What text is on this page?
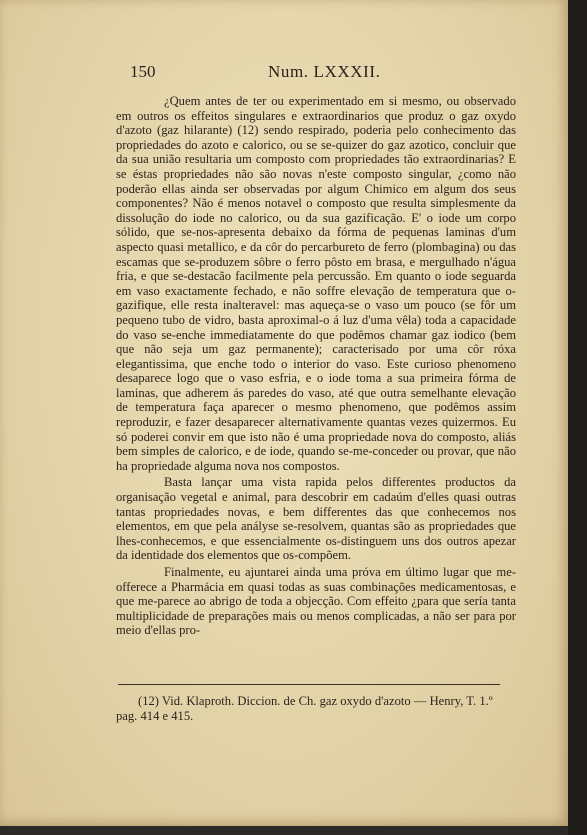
150	Num. LXXXII.

¿Quem antes de ter ou experimentado em si mesmo, ou observado em outros os effeitos singulares e extraordinarios que produz o gaz oxydo d'azoto (gaz hilarante) (12) sendo respirado, poderia pelo conhecimento das propriedades do azoto e calorico, ou se se-quizer do gaz azotico, concluir que da sua união resultaria um composto com propriedades tão extraordinarias? E se éstas propriedades não são novas n'este composto singular, ¿como não poderão ellas ainda ser observadas por algum Chimico em algum dos seus componentes? Não é menos notavel o composto que resulta simplesmente da dissolução do iode no calorico, ou da sua gazificação. E' o iode um corpo sólido, que se-nos-apresenta debaixo da fórma de pequenas laminas d'um aspecto quasi metallico, e da côr do percarbureto de ferro (plombagina) ou das escamas que se-produzem sôbre o ferro pôsto em brasa, e mergulhado n'água fria, e que se-destacão facilmente pela percussão. Em quanto o iode seguarda em vaso exactamente fechado, e não soffre elevação de temperatura que o-gazifique, elle resta inalteravel: mas aqueça-se o vaso um pouco (se fôr um pequeno tubo de vidro, basta aproximal-o á luz d'uma vêla) toda a capacidade do vaso se-enche immediatamente do que podêmos chamar gaz iodico (bem que não seja um gaz permanente); caracterisado por uma côr róxa elegantissima, que enche todo o interior do vaso. Este curioso phenomeno desaparece logo que o vaso esfria, e o iode toma a sua primeira fórma de laminas, que adherem ás paredes do vaso, até que outra semelhante elevação de temperatura faça aparecer o mesmo phenomeno, que podêmos assim reproduzir, e fazer desaparecer alternativamente quantas vezes quizermos. Eu só poderei convir em que isto não é uma propriedade nova do composto, aliás bem simples de calorico, e de iode, quando se-me-conceder ou provar, que não ha propriedade alguma nova nos compostos.

Basta lançar uma vista rapida pelos differentes productos da organisação vegetal e animal, para descobrir em cadaúm d'elles quasi outras tantas propriedades novas, e bem differentes das que conhecemos nos elementos, em que pela análysе se-resolvem, quantas são as propriedades que lhes-conhecemos, e que essencialmente os-distinguem uns dos outros apezar da identidade dos elementos que os-compõem.

Finalmente, eu ajuntarei ainda uma próva em último lugar que me-offerece a Pharmácia em quasi todas as suas combinações medicamentosas, e que me-parece ao abrigo de toda a objecção. Com effeito ¿para que sería tanta multiplicidade de preparações mais ou menos complicadas, a não ser para por meio d'ellas pro-

(12) Vid. Klaproth. Diccion. de Ch. gaz oxydo d'azoto — Henry, T. 1.º pag. 414 e 415.
